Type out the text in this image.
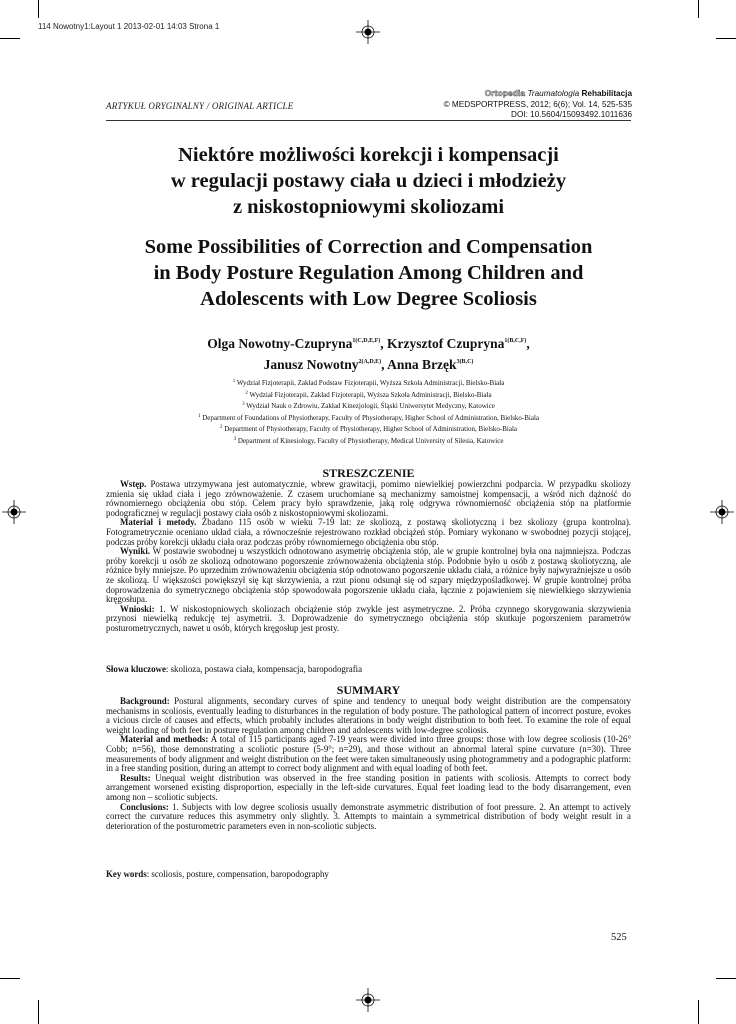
114 Nowotny1:Layout 1 2013-02-01 14:03 Strona 1
Ortopedia Traumatologia Rehabilitacja
© MEDSPORTPRESS, 2012; 6(6); Vol. 14, 525-535
DOI: 10.5604/15093492.1011636
ARTYKUŁ ORYGINALNY / ORIGINAL ARTICLE
Niektóre możliwości korekcji i kompensacji
w regulacji postawy ciała u dzieci i młodzieży
z niskostopniowymi skoliozami
Some Possibilities of Correction and Compensation
in Body Posture Regulation Among Children and
Adolescents with Low Degree Scoliosis
Olga Nowotny-Czupryna$^{1(C,D,E,F)}$, Krzysztof Czupryna$^{1(B,C,F)}$,
Janusz Nowotny$^{2(A,D,E)}$, Anna Brzęk$^{3(B,C)}$
$^1$ Wydział Fizjoterapii, Zakład Podstaw Fizjoterapii, Wyższa Szkoła Administracji, Bielsko-Biała
$^2$ Wydział Fizjoterapii, Zakład Fizjoterapii, Wyższa Szkoła Administracji, Bielsko-Biała
$^3$ Wydział Nauk o Zdrowiu, Zakład Kinezjologii, Śląski Uniwersytet Medyczny, Katowice
$^1$ Department of Foundations of Physiotherapy, Faculty of Physiotherapy, Higher School of Administration, Bielsko-Biala
$^2$ Department of Physiotherapy, Faculty of Physiotherapy, Higher School of Administration, Bielsko-Biala
$^3$ Department of Kinesiology, Faculty of Physiotherapy, Medical University of Silesia, Katowice
STRESZCZENIE

Wstęp. Postawa utrzymywana jest automatycznie, wbrew grawitacji, pomimo niewielkiej powierzchni podparcia. W przypadku skoliozy zmienia się układ ciała i jego zrównoważenie. Z czasem uruchomiane są mechanizmy samoistnej kompensacji, a wśród nich dążność do równomiernego obciążenia obu stóp. Celem pracy było sprawdzenie, jaką rolę odgrywa równomierność obciążenia stóp na platformie podograficznej w regulacji postawy ciała osób z niskostopniowymi skoliozami.

Materiał i metody. Zbadano 115 osób w wieku 7-19 lat: ze skoliozą, z postawą skoliotyczną i bez skoliozy (grupa kontrolna). Fotogrametrycznie oceniano układ ciała, a równocześnie rejestrowano rozkład obciążeń stóp. Pomiary wykonano w swobodnej pozycji stojącej, podczas próby korekcji układu ciała oraz podczas próby równomiernego obciążenia obu stóp.

Wyniki. W postawie swobodnej u wszystkich odnotowano asymetrię obciążenia stóp, ale w grupie kontrolnej była ona najmniejsza. Podczas próby korekcji u osób ze skoliozą odnotowano pogorszenie zrównoważenia obciążenia stóp. Podobnie było u osób z postawą skoliotyczną, ale różnice były mniejsze. Po uprzednim zrównoważeniu obciążenia stóp odnotowano pogorszenie układu ciała, a różnice były najwyraźniejsze u osób ze skoliozą. U większości powiększył się kąt skrzywienia, a rzut pionu odsunął się od szpary międzypośladkowej. W grupie kontrolnej próba doprowadzenia do symetrycznego obciążenia stóp spowodowała pogorszenie układu ciała, łącznie z pojawieniem się niewielkiego skrzywienia kręgosłupa.

Wnioski: 1. W niskostopniowych skoliozach obciążenie stóp zwykle jest asymetryczne. 2. Próba czynnego skorygowania skrzywienia przynosi niewielką redukcję tej asymetrii. 3. Doprowadzenie do symetrycznego obciążenia stóp skutkuje pogorszeniem parametrów posturometrycznych, nawet u osób, których kręgosłup jest prosty.

Słowa kluczowe: skolioza, postawa ciała, kompensacja, baropodografia
SUMMARY

Background: Postural alignments, secondary curves of spine and tendency to unequal body weight distribution are the compensatory mechanisms in scoliosis, eventually leading to disturbances in the regulation of body posture. The pathological pattern of incorrect posture, evokes a vicious circle of causes and effects, which probably includes alterations in body weight distribution to both feet. To examine the role of equal weight loading of both feet in posture regulation among children and adolescents with low-degree scoliosis.

Material and methods: A total of 115 participants aged 7-19 years were divided into three groups: those with low degree scoliosis (10-26° Cobb; n=56), those demonstrating a scoliotic posture (5-9°; n=29), and those without an abnormal lateral spine curvature (n=30). Three measurements of body alignment and weight distribution on the feet were taken simultaneously using photogrammetry and a podographic platform: in a free standing position, during an attempt to correct body alignment and with equal loading of both feet.

Results: Unequal weight distribution was observed in the free standing position in patients with scoliosis. Attempts to correct body arrangement worsened existing disproportion, especially in the left-side curvatures. Equal feet loading lead to the body disarrangement, even among non – scoliotic subjects.

Conclusions: 1. Subjects with low degree scoliosis usually demonstrate asymmetric distribution of foot pressure. 2. An attempt to actively correct the curvature reduces this asymmetry only slightly. 3. Attempts to maintain a symmetrical distribution of body weight result in a deterioration of the posturometric parameters even in non-scoliotic subjects.

Key words: scoliosis, posture, compensation, baropodography
525
